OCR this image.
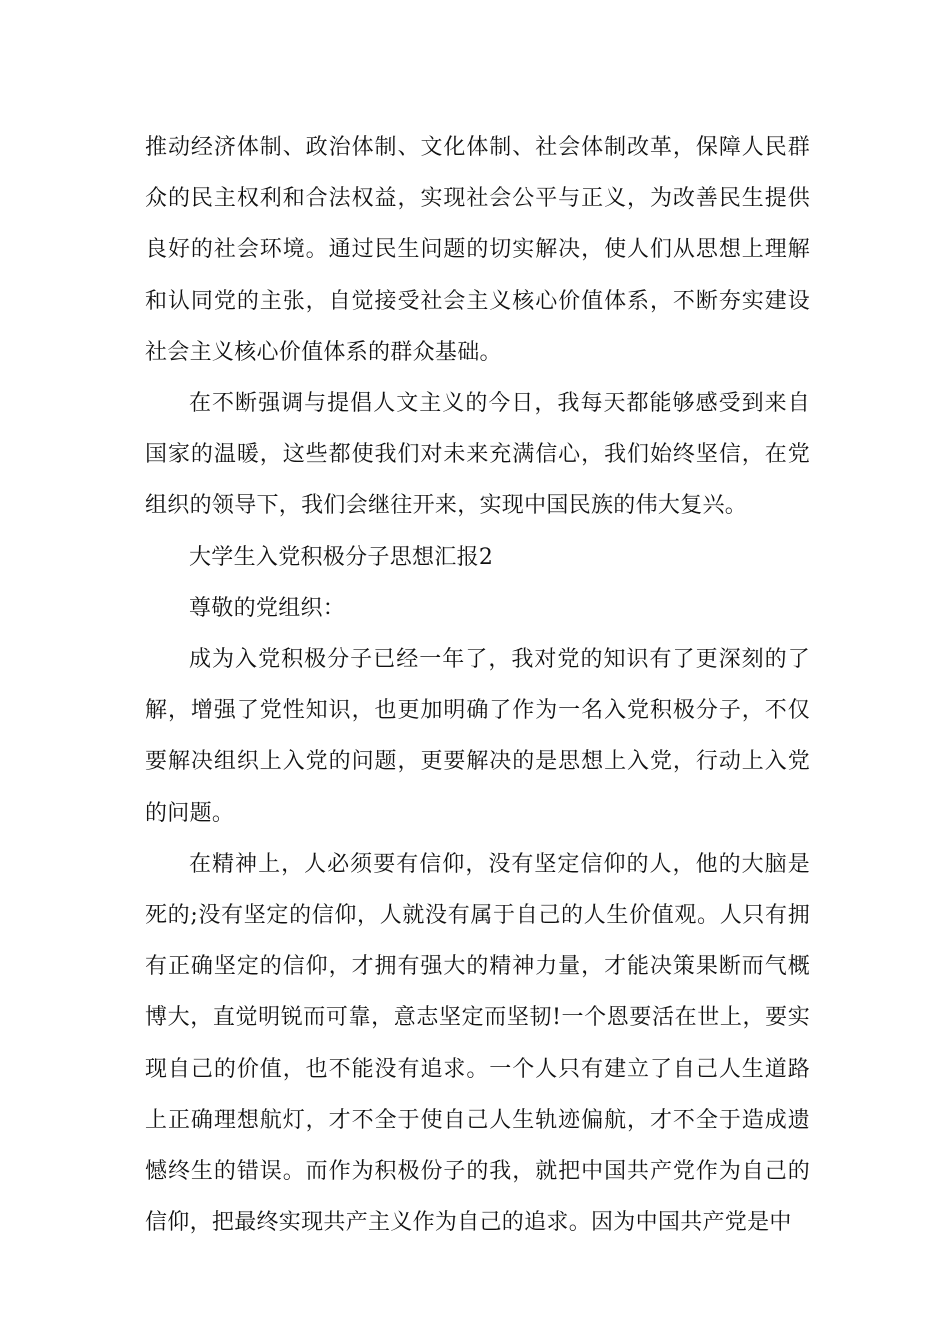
推动经济体制、政治体制、文化体制、社会体制改革，保障人民群众的民主权利和合法权益，实现社会公平与正义，为改善民生提供良好的社会环境。通过民生问题的切实解决，使人们从思想上理解和认同党的主张，自觉接受社会主义核心价值体系，不断夯实建设社会主义核心价值体系的群众基础。

在不断强调与提倡人文主义的今日，我每天都能够感受到来自国家的温暖，这些都使我们对未来充满信心，我们始终坚信，在党组织的领导下，我们会继往开来，实现中国民族的伟大复兴。

大学生入党积极分子思想汇报2

尊敬的党组织：

成为入党积极分子已经一年了，我对党的知识有了更深刻的了解，增强了党性知识，也更加明确了作为一名入党积极分子，不仅要解决组织上入党的问题，更要解决的是思想上入党，行动上入党的问题。

在精神上，人必须要有信仰，没有坚定信仰的人，他的大脑是死的;没有坚定的信仰，人就没有属于自己的人生价值观。人只有拥有正确坚定的信仰，才拥有强大的精神力量，才能决策果断而气概博大，直觉明锐而可靠，意志坚定而坚韧!一个恩要活在世上，要实现自己的价值，也不能没有追求。一个人只有建立了自己人生道路上正确理想航灯，才不全于使自己人生轨迹偏航，才不全于造成遗憾终生的错误。而作为积极份子的我，就把中国共产党作为自己的信仰，把最终实现共产主义作为自己的追求。因为中国共产党是中
